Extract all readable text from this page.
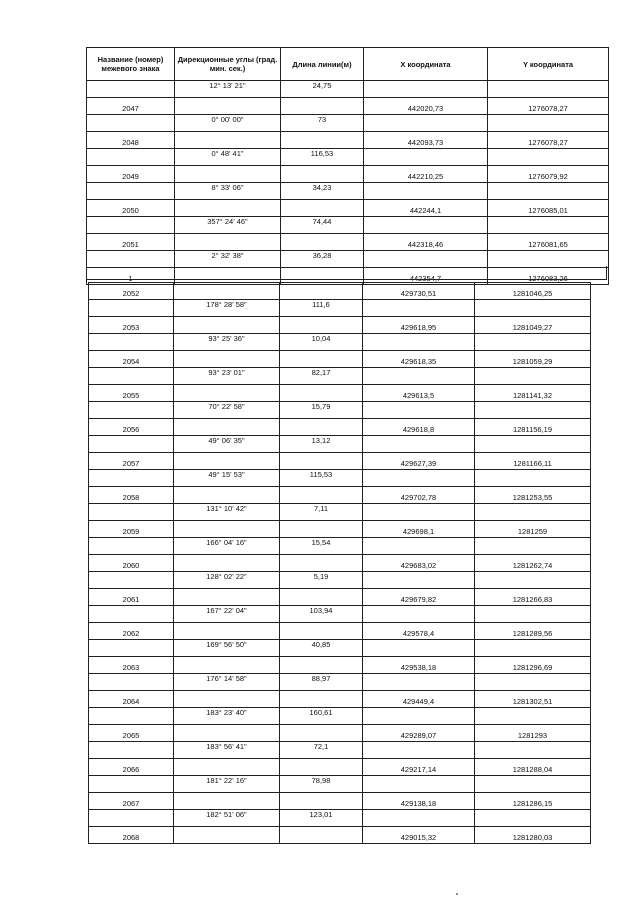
Название (номер) межевого знака	Дирекционные углы (град. мин. сек.)	Длина линии(м)	X координата	Y координата
	12° 13' 21"	24,75		
2047			442020,73	1276078,27
	0° 00' 00"	73		
2048			442093,73	1276078,27
	0° 48' 41"	116,53		
2049			442210,25	1276079,92
	8° 33' 06"	34,23		
2050			442244,1	1276085,01
	357° 24' 46"	74,44		
2051			442318,46	1276081,65
	2° 32' 38"	36,28		
1			442354,7	1276083,26
2052			429730,51	1281046,25
	178° 28' 58"	111,6		
2053			429618,95	1281049,27
	93° 25' 36"	10,04		
2054			429618,35	1281059,29
	93° 23' 01"	82,17		
2055			429613,5	1281141,32
	70° 22' 58"	15,79		
2056			429618,8	1281156,19
	49° 06' 35"	13,12		
2057			429627,39	1281166,11
	49° 15' 53"	115,53		
2058			429702,78	1281253,55
	131° 10' 42"	7,11		
2059			429698,1	1281259
	166° 04' 16"	15,54		
2060			429683,02	1281262,74
	128° 02' 22"	5,19		
2061			429679,82	1281266,83
	167° 22' 04"	103,94		
2062			429578,4	1281289,56
	169° 56' 50"	40,85		
2063			429538,18	1281296,69
	176° 14' 58"	88,97		
2064			429449,4	1281302,51
	183° 23' 40"	160,61		
2065			429289,07	1281293
	183° 56' 41"	72,1		
2066			429217,14	1281288,04
	181° 22' 16"	78,98		
2067			429138,18	1281286,15
	182° 51' 06"	123,01		
2068			429015,32	1281280,03
